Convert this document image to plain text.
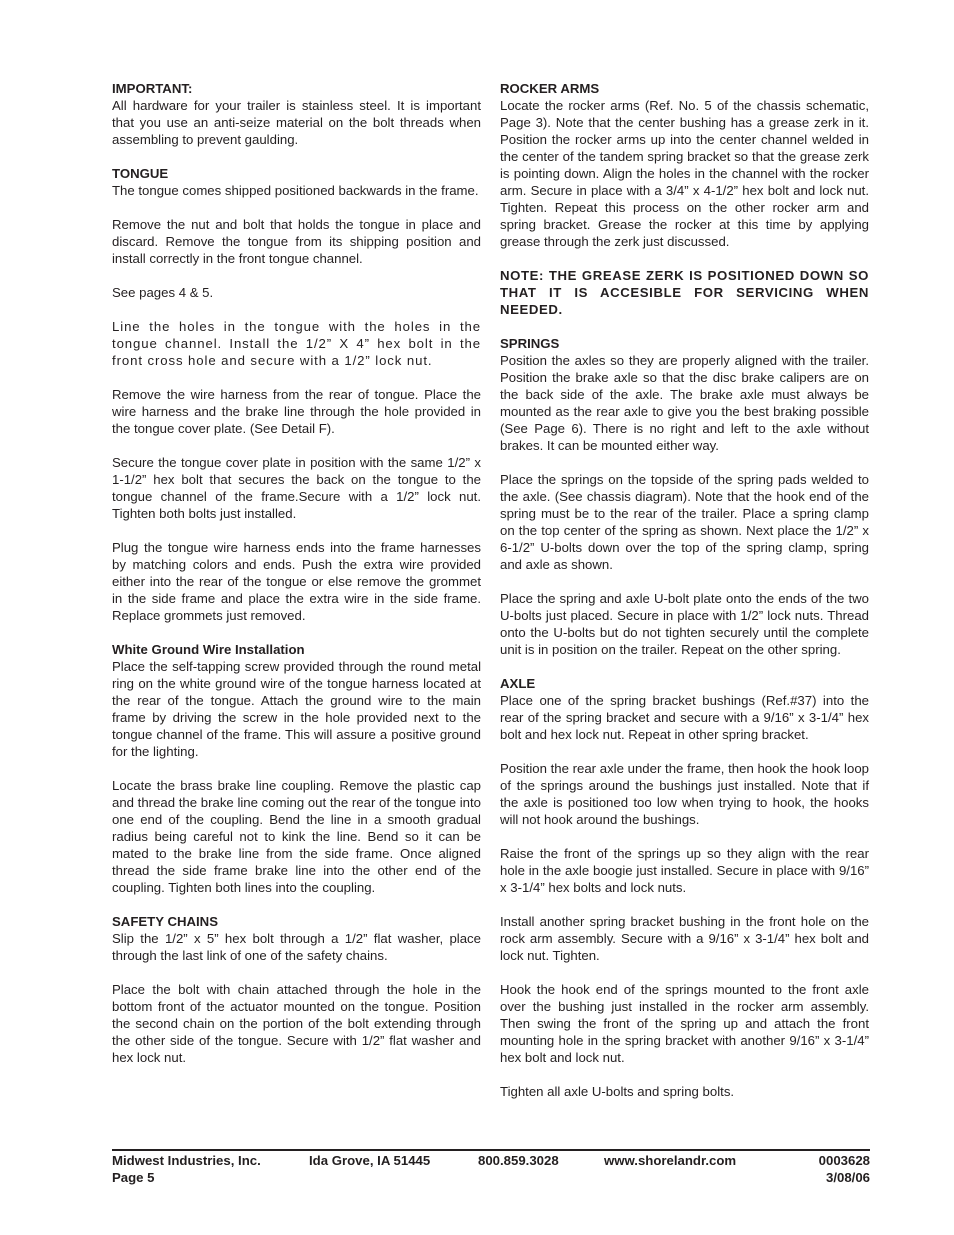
IMPORTANT:

All hardware for your trailer is stainless steel. It is important that you use an anti-seize material on the bolt threads when assembling to prevent gaulding.

TONGUE

The tongue comes shipped positioned backwards in the frame.

Remove the nut and bolt that holds the tongue in place and discard. Remove the tongue from its shipping position and install correctly in the front tongue channel.

See pages 4 & 5.

Line the holes in the tongue with the holes in the tongue channel. Install the 1/2” X 4” hex bolt in the front cross hole and secure with a 1/2” lock nut.

Remove the wire harness from the rear of tongue. Place the wire harness and the brake line through the hole provided in the tongue cover plate. (See Detail F).

Secure the tongue cover plate in position with the same 1/2” x 1-1/2” hex bolt that secures the back on the tongue to the tongue channel of the frame.Secure with a 1/2” lock nut. Tighten both bolts just installed.

Plug the tongue wire harness ends into the frame harnesses by matching colors and ends. Push the extra wire provided either into the rear of the tongue or else remove the grommet in the side frame and place the extra wire in the side frame. Replace grommets just removed.

White Ground Wire Installation

Place the self-tapping screw provided through the round metal ring on the white ground wire of the tongue harness located at the rear of the tongue. Attach the ground wire to the main frame by driving the screw in the hole provided next to the tongue channel of the frame. This will assure a positive ground for the lighting.

Locate the brass brake line coupling. Remove the plastic cap and thread the brake line coming out the rear of the tongue into one end of the coupling. Bend the line in a smooth gradual radius being careful not to kink the line. Bend so it can be mated to the brake line from the side frame. Once aligned thread the side frame brake line into the other end of the coupling. Tighten both lines into the coupling.

SAFETY CHAINS

Slip the 1/2” x 5” hex bolt through a 1/2” flat washer, place through the last link of one of the safety chains.

Place the bolt with chain attached through the hole in the bottom front of the actuator mounted on the tongue. Position the second chain on the portion of the bolt extending through the other side of the tongue. Secure with 1/2” flat washer and hex lock nut.

ROCKER ARMS

Locate the rocker arms (Ref. No. 5 of the chassis schematic, Page 3). Note that the center bushing has a grease zerk in it. Position the rocker arms up into the center channel welded in the center of the tandem spring bracket so that the grease zerk is pointing down. Align the holes in the channel with the rocker arm. Secure in place with a 3/4” x 4-1/2” hex bolt and lock nut. Tighten. Repeat this process on the other rocker arm and spring bracket. Grease the rocker at this time by applying grease through the zerk just discussed.

NOTE: THE GREASE ZERK IS POSITIONED DOWN SO THAT IT IS ACCESIBLE FOR SERVICING WHEN NEEDED.

SPRINGS

Position the axles so they are properly aligned with the trailer. Position the brake axle so that the disc brake calipers are on the back side of the axle. The brake axle must always be mounted as the rear axle to give you the best braking possible (See Page 6). There is no right and left to the axle without brakes. It can be mounted either way.

Place the springs on the topside of the spring pads welded to the axle. (See chassis diagram). Note that the hook end of the spring must be to the rear of the trailer. Place a spring clamp on the top center of the spring as shown. Next place the 1/2” x 6-1/2” U-bolts down over the top of the spring clamp, spring and axle as shown.

Place the spring and axle U-bolt plate onto the ends of the two U-bolts just placed. Secure in place with 1/2” lock nuts. Thread onto the U-bolts but do not tighten securely until the complete unit is in position on the trailer. Repeat on the other spring.

AXLE

Place one of the spring bracket bushings (Ref.#37) into the rear of the spring bracket and secure with a 9/16” x 3-1/4” hex bolt and hex lock nut. Repeat in other spring bracket.

Position the rear axle under the frame, then hook the hook loop of the springs around the bushings just installed. Note that if the axle is positioned too low when trying to hook, the hooks will not hook around the bushings.

Raise the front of the springs up so they align with the rear hole in the axle boogie just installed. Secure in place with 9/16” x 3-1/4” hex bolts and lock nuts.

Install another spring bracket bushing in the front hole on the rock arm assembly. Secure with a 9/16” x 3-1/4” hex bolt and lock nut. Tighten.

Hook the hook end of the springs mounted to the front axle over the bushing just installed in the rocker arm assembly. Then swing the front of the spring up and attach the front mounting hole in the spring bracket with another 9/16” x 3-1/4” hex bolt and lock nut.

Tighten all axle U-bolts and spring bolts.

Midwest Industries, Inc.	Ida Grove, IA 51445	800.859.3028	www.shorelandr.com	0003628
Page 5	3/08/06
